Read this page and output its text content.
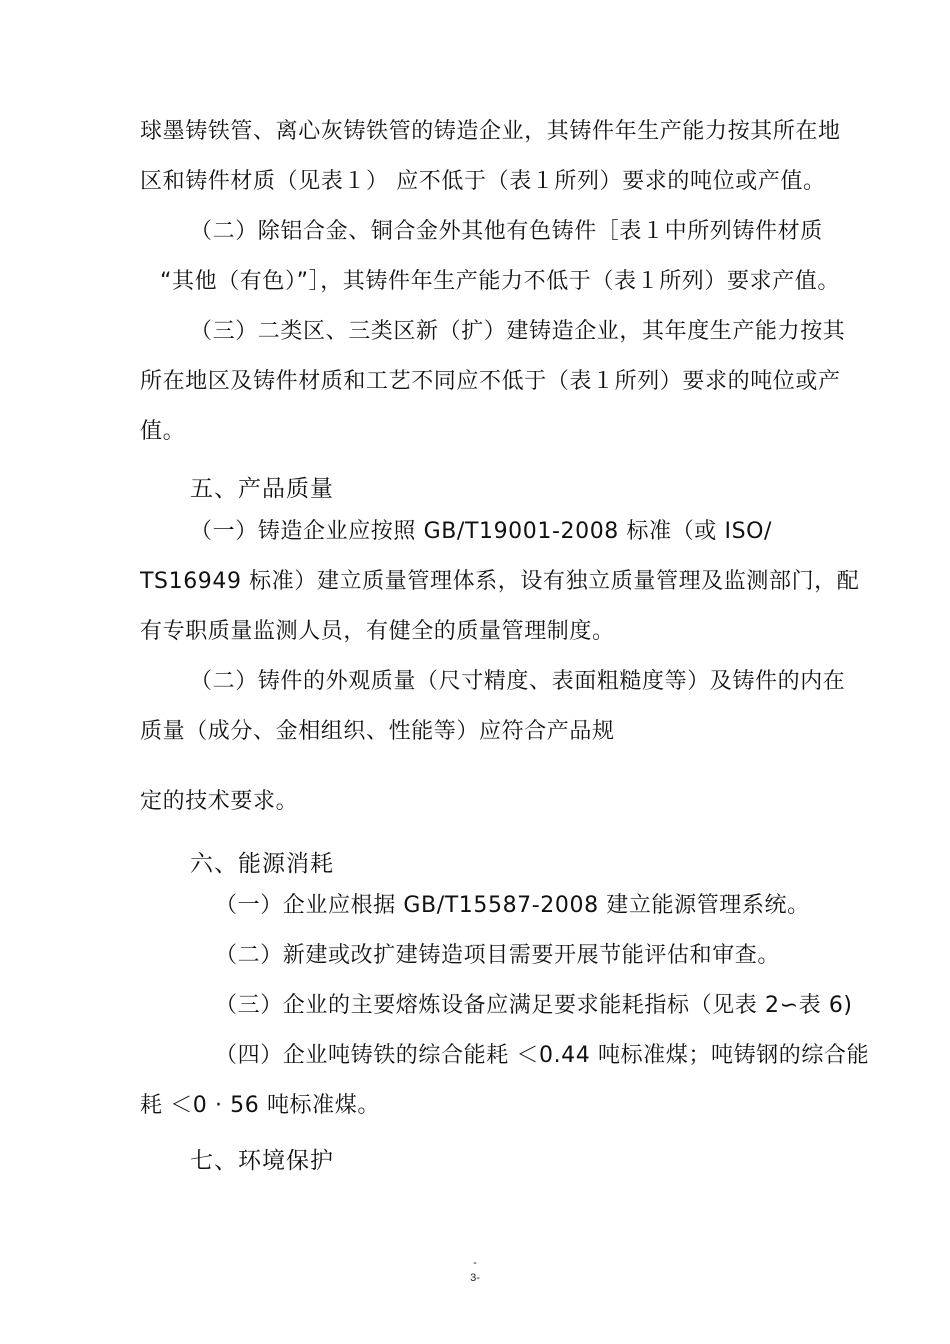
球墨铸铁管、离心灰铸铁管的铸造企业，其铸件年生产能力按其所在地
区和铸件材质（见表１） 应不低于（表１所列）要求的吨位或产值。
（二）除铝合金、铜合金外其他有色铸件［表１中所列铸件材质
“其他（有色）”］，其铸件年生产能力不低于（表１所列）要求产值。
（三）二类区、三类区新（扩）建铸造企业，其年度生产能力按其
所在地区及铸件材质和工艺不同应不低于（表１所列）要求的吨位或产
值。
五、产品质量
（一）铸造企业应按照 GB/T19001-2008 标准（或 ISO/
TS16949 标准）建立质量管理体系，设有独立质量管理及监测部门，配
有专职质量监测人员，有健全的质量管理制度。
（二）铸件的外观质量（尺寸精度、表面粗糙度等）及铸件的内在
质量（成分、金相组织、性能等）应符合产品规
定的技术要求。
六、能源消耗
（一）企业应根据 GB/T15587-2008 建立能源管理系统。
（二）新建或改扩建铸造项目需要开展节能评估和审查。
（三）企业的主要熔炼设备应满足要求能耗指标（见表 2∽表 6)
（四）企业吨铸铁的综合能耗 ＜0.44 吨标准煤；吨铸钢的综合能
耗 ＜0 · 56 吨标准煤。
七、环境保护
-
3-
